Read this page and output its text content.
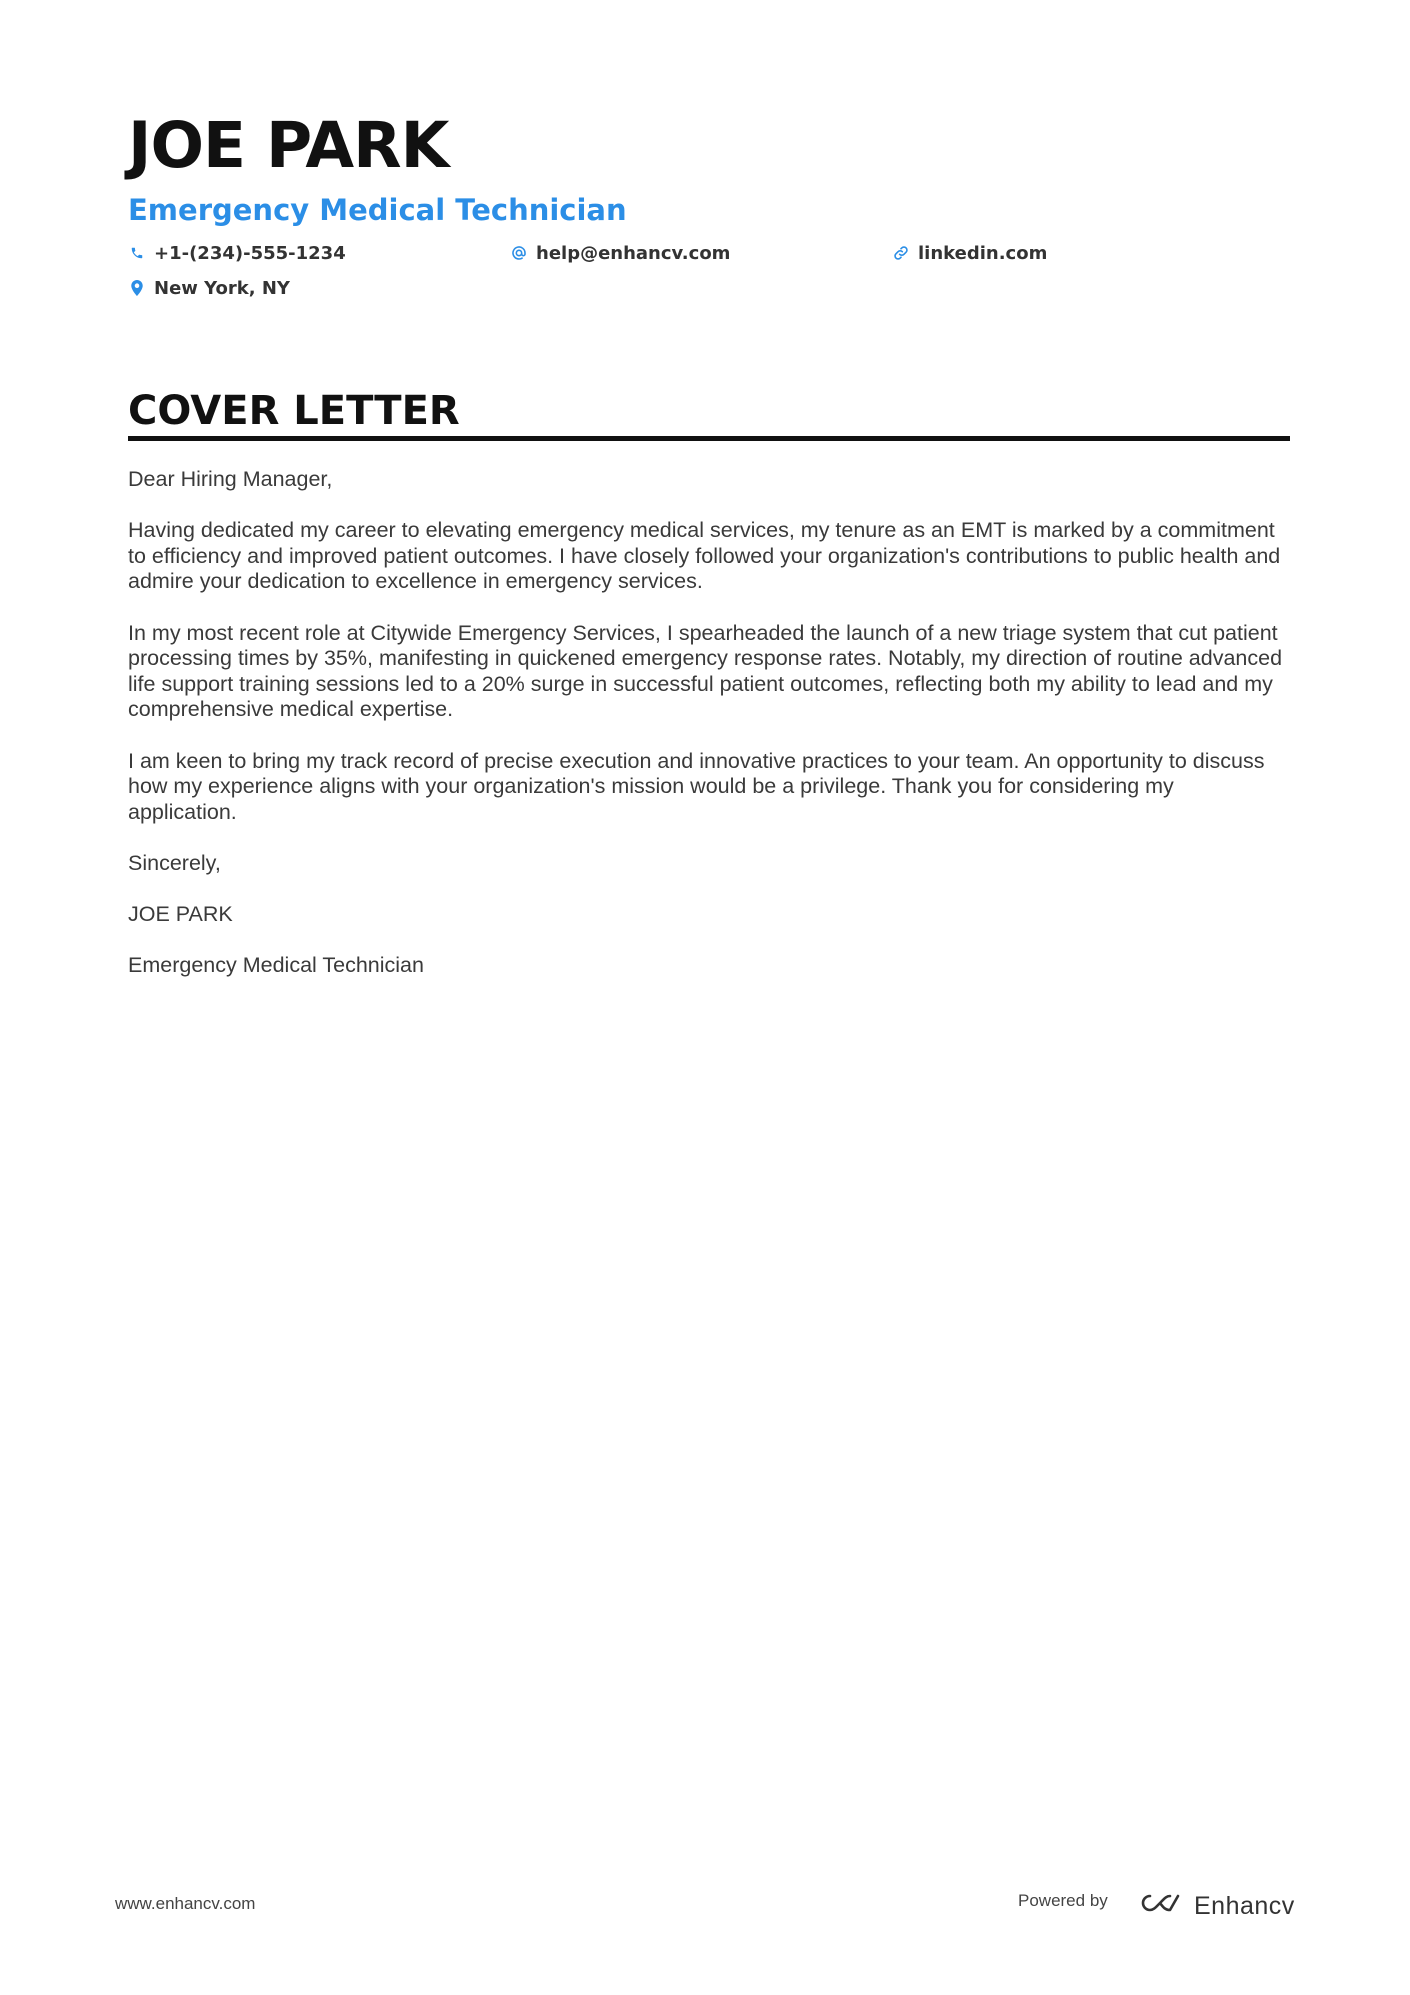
JOE PARK
Emergency Medical Technician
+1-(234)-555-1234	help@enhancv.com	linkedin.com
New York, NY
COVER LETTER

Dear Hiring Manager,

Having dedicated my career to elevating emergency medical services, my tenure as an EMT is marked by a commitment to efficiency and improved patient outcomes. I have closely followed your organization's contributions to public health and admire your dedication to excellence in emergency services.

In my most recent role at Citywide Emergency Services, I spearheaded the launch of a new triage system that cut patient processing times by 35%, manifesting in quickened emergency response rates. Notably, my direction of routine advanced life support training sessions led to a 20% surge in successful patient outcomes, reflecting both my ability to lead and my comprehensive medical expertise.

I am keen to bring my track record of precise execution and innovative practices to your team. An opportunity to discuss how my experience aligns with your organization's mission would be a privilege. Thank you for considering my application.

Sincerely,

JOE PARK

Emergency Medical Technician

www.enhancv.com	Powered by	Enhancv
